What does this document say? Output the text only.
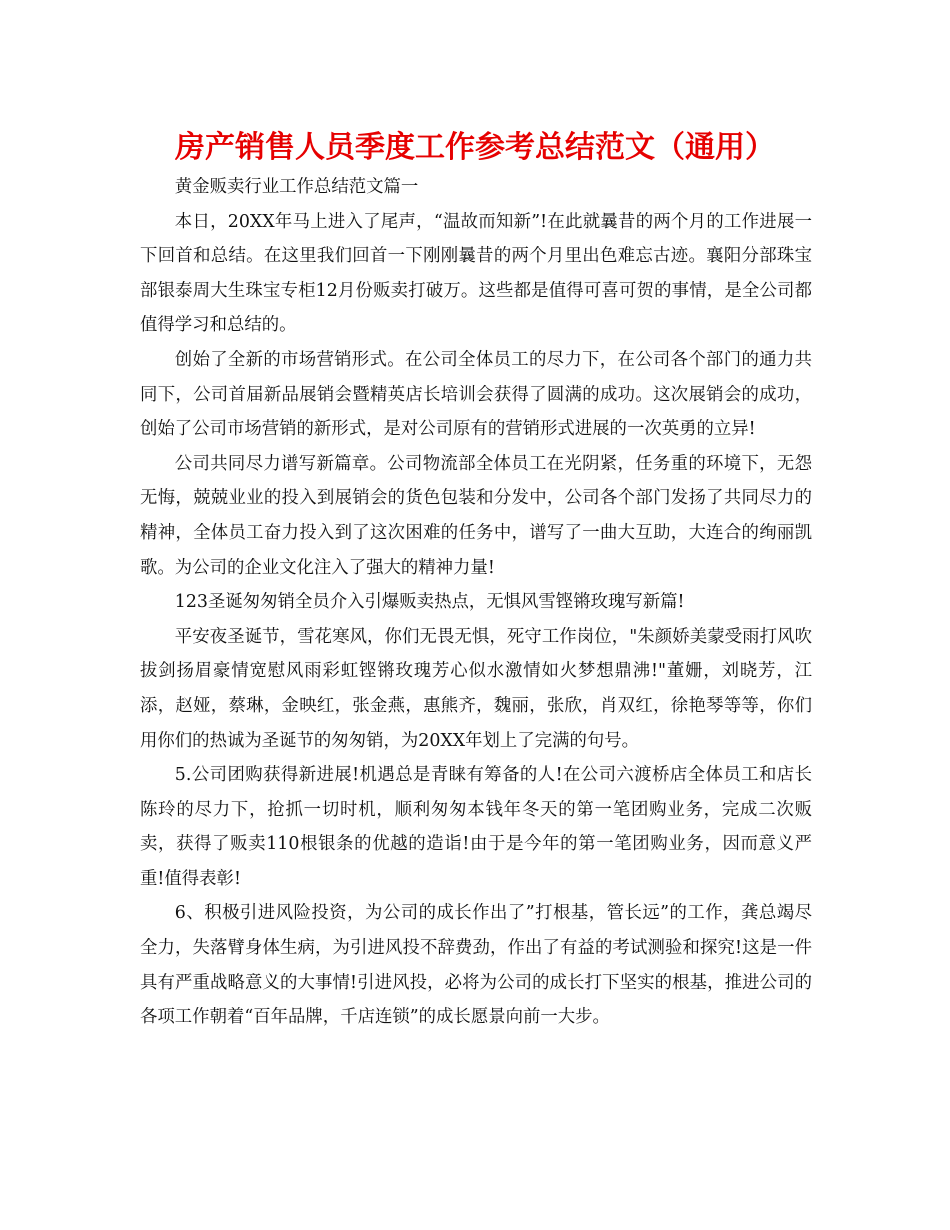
房产销售人员季度工作参考总结范文（通用）

黄金贩卖行业工作总结范文篇一

本日，20XX年马上进入了尾声，“温故而知新”!在此就曩昔的两个月的工作进展一下回首和总结。在这里我们回首一下刚刚曩昔的两个月里出色难忘古迹。襄阳分部珠宝部银泰周大生珠宝专柜12月份贩卖打破万。这些都是值得可喜可贺的事情，是全公司都值得学习和总结的。

创始了全新的市场营销形式。在公司全体员工的尽力下，在公司各个部门的通力共同下，公司首届新品展销会暨精英店长培训会获得了圆满的成功。这次展销会的成功，创始了公司市场营销的新形式，是对公司原有的营销形式进展的一次英勇的立异!

公司共同尽力谱写新篇章。公司物流部全体员工在光阴紧，任务重的环境下，无怨无悔，兢兢业业的投入到展销会的货色包装和分发中，公司各个部门发扬了共同尽力的精神，全体员工奋力投入到了这次困难的任务中，谱写了一曲大互助，大连合的绚丽凯歌。为公司的企业文化注入了强大的精神力量!

123圣诞匆匆销全员介入引爆贩卖热点，无惧风雪铿锵玫瑰写新篇!

平安夜圣诞节，雪花寒风，你们无畏无惧，死守工作岗位，"朱颜娇美蒙受雨打风吹拔剑扬眉豪情宽慰风雨彩虹铿锵玫瑰芳心似水激情如火梦想鼎沸!"董姗，刘晓芳，江添，赵娅，蔡琳，金映红，张金燕，惠熊齐，魏丽，张欣，肖双红，徐艳琴等等，你们用你们的热诚为圣诞节的匆匆销，为20XX年划上了完满的句号。

5.公司团购获得新进展!机遇总是青睐有筹备的人!在公司六渡桥店全体员工和店长陈玲的尽力下，抢抓一切时机，顺利匆匆本钱年冬天的第一笔团购业务，完成二次贩卖，获得了贩卖110根银条的优越的造诣!由于是今年的第一笔团购业务，因而意义严重!值得表彰!

6、积极引进风险投资，为公司的成长作出了”打根基，管长远”的工作，龚总竭尽全力，失落臂身体生病，为引进风投不辞费劲，作出了有益的考试测验和探究!这是一件具有严重战略意义的大事情!引进风投，必将为公司的成长打下坚实的根基，推进公司的各项工作朝着“百年品牌，千店连锁”的成长愿景向前一大步。
